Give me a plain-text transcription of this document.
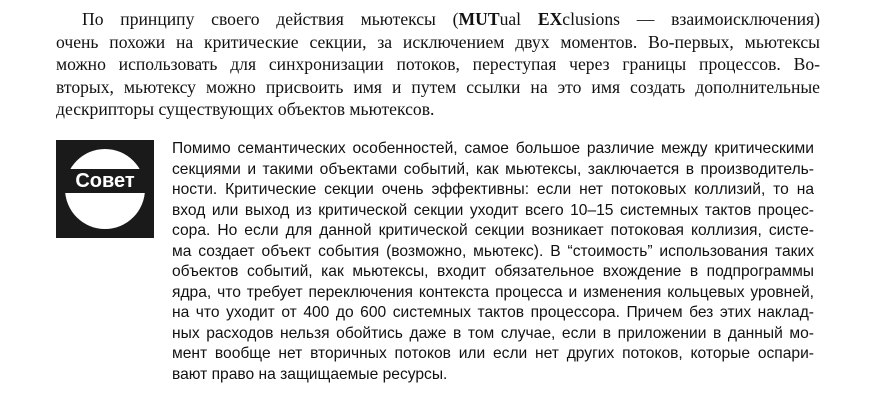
По принципу своего действия мьютексы (MUTual EXclusions — взаимоисключения)
очень похожи на критические секции, за исключением двух моментов. Во-первых, мьютексы
можно использовать для синхронизации потоков, переступая через границы процессов. Во-
вторых, мьютексу можно присвоить имя и путем ссылки на это имя создать дополнительные
дескрипторы существующих объектов мьютексов.
Совет
Помимо семантических особенностей, самое большое различие между критическими
секциями и такими объектами событий, как мьютексы, заключается в производитель-
ности. Критические секции очень эффективны: если нет потоковых коллизий, то на
вход или выход из критической секции уходит всего 10–15 системных тактов процес-
сора. Но если для данной критической секции возникает потоковая коллизия, систе-
ма создает объект события (возможно, мьютекс). В “стоимость” использования таких
объектов событий, как мьютексы, входит обязательное вхождение в подпрограммы
ядра, что требует переключения контекста процесса и изменения кольцевых уровней,
на что уходит от 400 до 600 системных тактов процессора. Причем без этих наклад-
ных расходов нельзя обойтись даже в том случае, если в приложении в данный мо-
мент вообще нет вторичных потоков или если нет других потоков, которые оспари-
вают право на защищаемые ресурсы.
